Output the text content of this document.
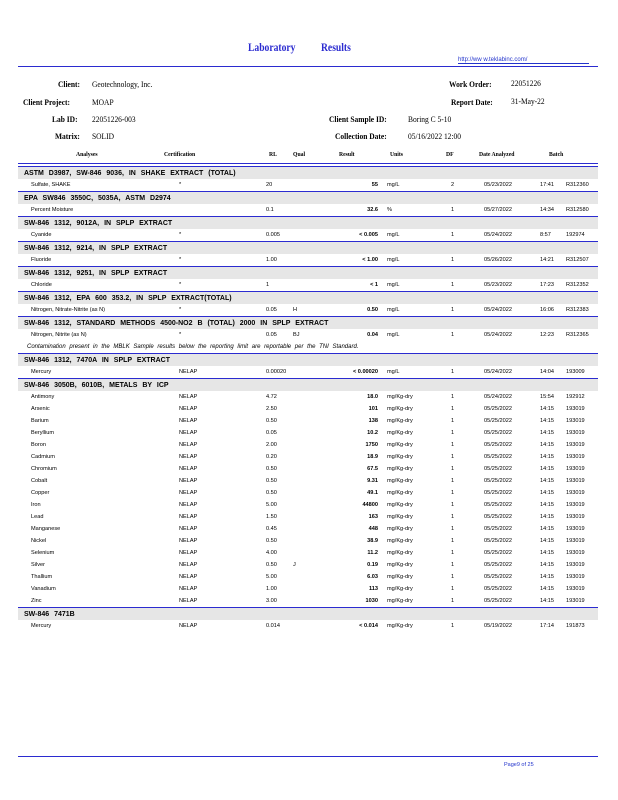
Laboratory Results
http://ww w.teklabinc.com/
Client: Geotechnology, Inc.	Work Order: 22051226
Client Project:	MOAP	Report Date: 31-May-22
Lab ID: 22051226-003	Client Sample ID: Boring C 5-10
Matrix: SOLID	Collection Date:	05/16/2022 12:00
Analyses	Certification	RL Qual	Result	Units	DF	Date Analyzed	Batch
ASTM D3987, SW-846 9036, IN SHAKE EXTRACT (TOTAL)
Sulfate, SHAKE	*	20	55 mg/L	2	05/23/2022	17:41 R312360
EPA SW846 3550C, 5035A, ASTM D2974
Percent Moisture	0.1	32.6 %	1	05/27/2022	14:34 R312580
SW-846 1312, 9012A, IN SPLP EXTRACT
Cyanide	*	0.005	< 0.005 mg/L	1	05/24/2022	8:57	192974
SW-846 1312, 9214, IN SPLP EXTRACT
Fluoride	*	1.00	< 1.00 mg/L	1	05/26/2022	14:21 R312507
SW-846 1312, 9251, IN SPLP EXTRACT
Chloride	*	1	< 1 mg/L	1	05/23/2022	17:23 R312352
SW-846 1312, EPA 600 353.2, IN SPLP EXTRACT(TOTAL)
Nitrogen, Nitrate-Nitrite (as N)	*	0.05	H	0.50 mg/L	1	05/24/2022	16:06 R312383
SW-846 1312, STANDARD METHODS 4500-NO2 B (TOTAL) 2000 IN SPLP EXTRACT
Nitrogen, Nitrite (as N)	*	0.05	BJ	0.04 mg/L	1	05/24/2022	12:23 R312365
Contamination present in the MBLK Sample results below the reporting limit are reportable per the TNI Standard.
SW-846 1312, 7470A IN SPLP EXTRACT
Mercury	NELAP	0.00020	< 0.00020 mg/L	1	05/24/2022	14:04 193009
SW-846 3050B, 6010B, METALS BY ICP
Antimony	NELAP	4.72	18.0 mg/Kg-dry	1	05/24/2022	15:54 192912
Arsenic	NELAP	2.50	101 mg/Kg-dry	1	05/25/2022	14:15 193019
Barium	NELAP	0.50	138 mg/Kg-dry	1	05/25/2022	14:15 193019
Beryllium	NELAP	0.05	10.2 mg/Kg-dry	1	05/25/2022	14:15 193019
Boron	NELAP	2.00	1750 mg/Kg-dry	1	05/25/2022	14:15 193019
Cadmium	NELAP	0.20	18.9 mg/Kg-dry	1	05/25/2022	14:15 193019
Chromium	NELAP	0.50	67.5 mg/Kg-dry	1	05/25/2022	14:15 193019
Cobalt	NELAP	0.50	9.31 mg/Kg-dry	1	05/25/2022	14:15 193019
Copper	NELAP	0.50	49.1 mg/Kg-dry	1	05/25/2022	14:15 193019
Iron	NELAP	5.00	44800 mg/Kg-dry	1	05/25/2022	14:15 193019
Lead	NELAP	1.50	163 mg/Kg-dry	1	05/25/2022	14:15 193019
Manganese	NELAP	0.45	448 mg/Kg-dry	1	05/25/2022	14:15 193019
Nickel	NELAP	0.50	38.9 mg/Kg-dry	1	05/25/2022	14:15 193019
Selenium	NELAP	4.00	11.2 mg/Kg-dry	1	05/25/2022	14:15 193019
Silver	NELAP	0.50	J	0.19 mg/Kg-dry	1	05/25/2022	14:15 193019
Thallium	NELAP	5.00	6.03 mg/Kg-dry	1	05/25/2022	14:15 193019
Vanadium	NELAP	1.00	113 mg/Kg-dry	1	05/25/2022	14:15 193019
Zinc	NELAP	3.00	1030 mg/Kg-dry	1	05/25/2022	14:15 193019
SW-846 7471B
Mercury	NELAP	0.014	< 0.014 mg/Kg-dry	1	05/19/2022	17:14 191873
Page9 of 25
